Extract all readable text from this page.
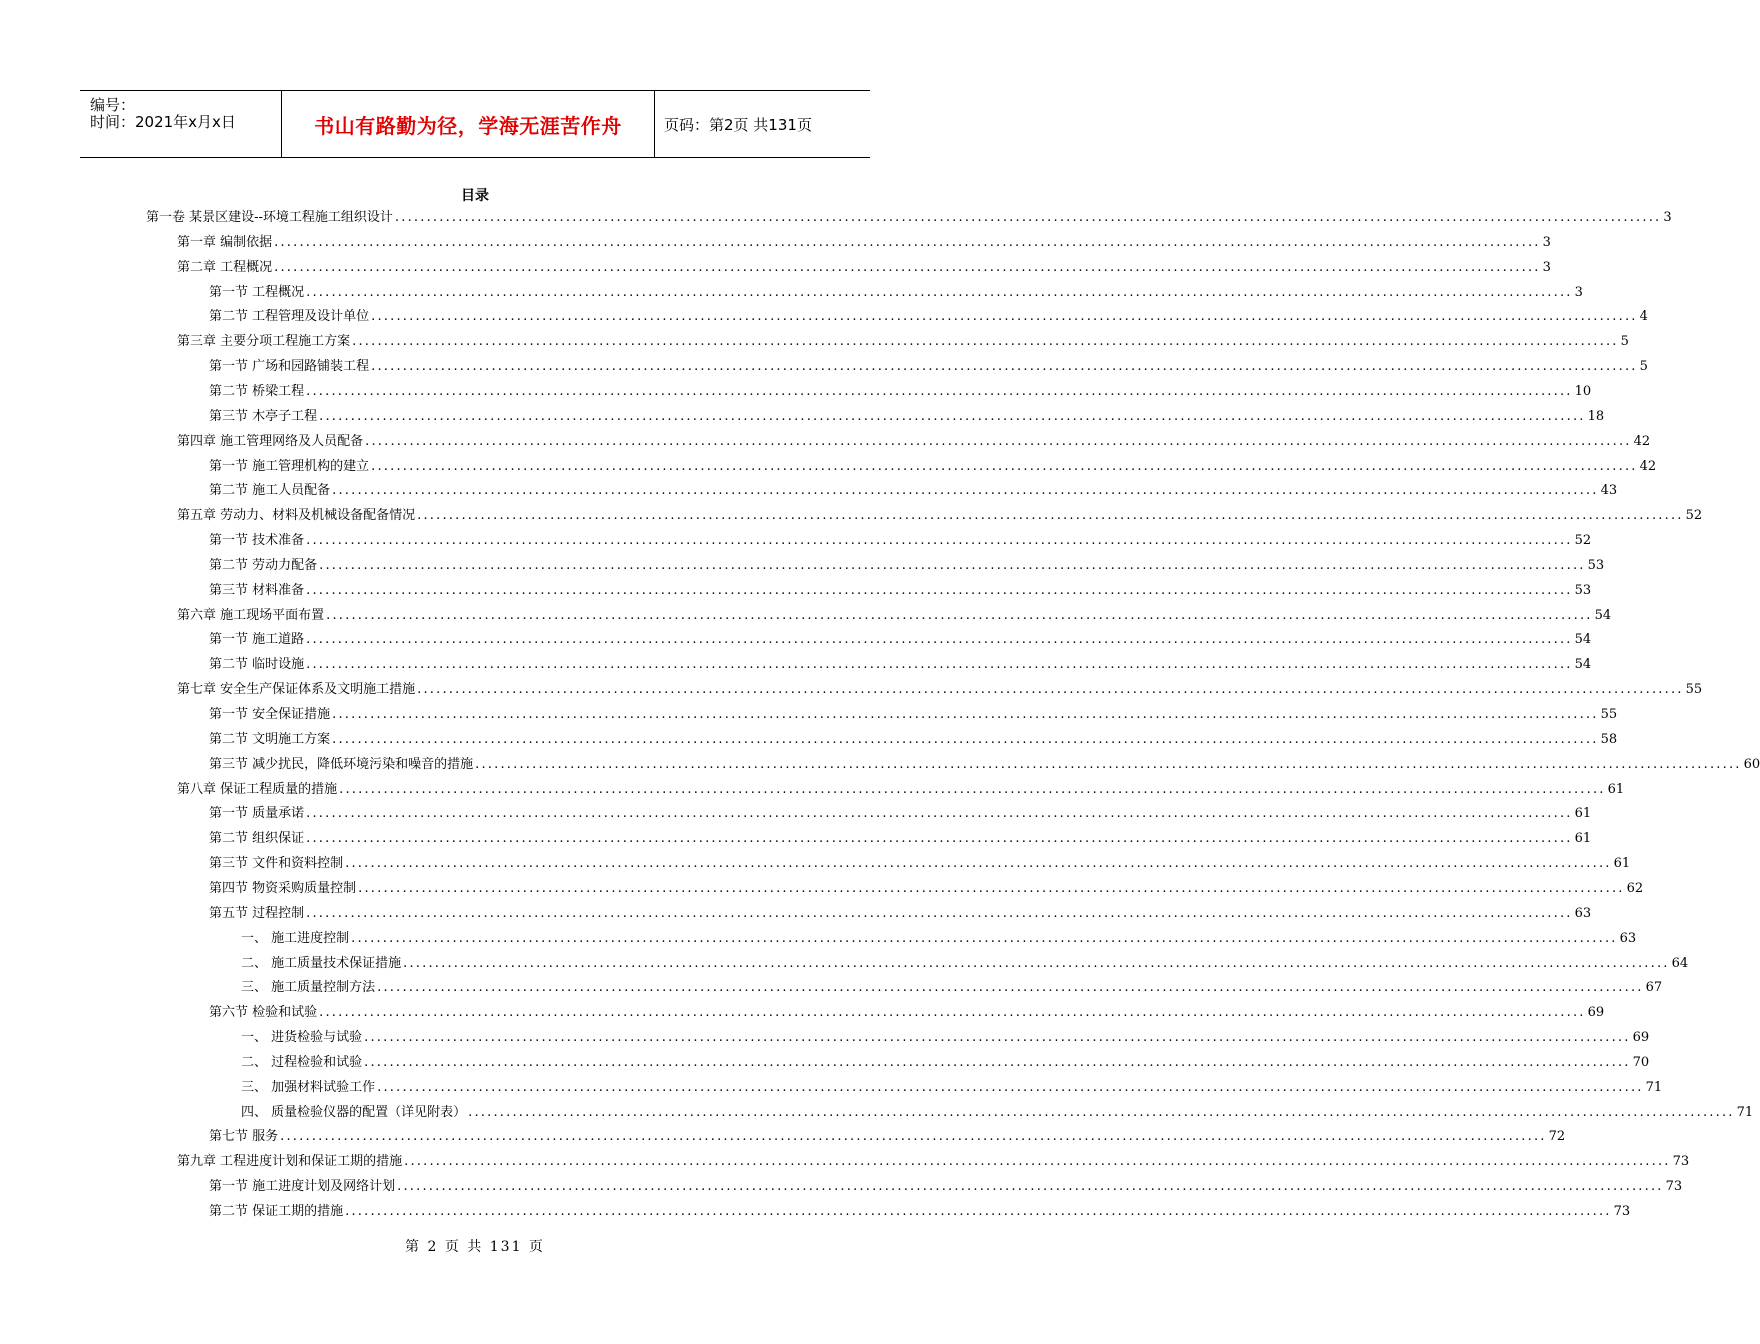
编号：
时间：2021年x月x日	书山有路勤为径，学海无涯苦作舟	页码：第2页 共131页
目录
第一卷 某景区建设--环境工程施工组织设计 ........................................................................................................................................................................................................ 3
第一章 编制依据 ........................................................................................................................................................................................................ 3
第二章 工程概况 ........................................................................................................................................................................................................ 3
第一节 工程概况 ........................................................................................................................................................................................................ 3
第二节 工程管理及设计单位 ........................................................................................................................................................................................................ 4
第三章 主要分项工程施工方案 ........................................................................................................................................................................................................ 5
第一节 广场和园路铺装工程 ........................................................................................................................................................................................................ 5
第二节 桥梁工程 ........................................................................................................................................................................................................ 10
第三节 木亭子工程 ........................................................................................................................................................................................................ 18
第四章 施工管理网络及人员配备 ........................................................................................................................................................................................................ 42
第一节 施工管理机构的建立 ........................................................................................................................................................................................................ 42
第二节 施工人员配备 ........................................................................................................................................................................................................ 43
第五章 劳动力、材料及机械设备配备情况 ........................................................................................................................................................................................................ 52
第一节 技术准备 ........................................................................................................................................................................................................ 52
第二节 劳动力配备 ........................................................................................................................................................................................................ 53
第三节 材料准备 ........................................................................................................................................................................................................ 53
第六章 施工现场平面布置 ........................................................................................................................................................................................................ 54
第一节 施工道路 ........................................................................................................................................................................................................ 54
第二节 临时设施 ........................................................................................................................................................................................................ 54
第七章 安全生产保证体系及文明施工措施 ........................................................................................................................................................................................................ 55
第一节 安全保证措施 ........................................................................................................................................................................................................ 55
第二节 文明施工方案 ........................................................................................................................................................................................................ 58
第三节 减少扰民，降低环境污染和噪音的措施 ........................................................................................................................................................................................................ 60
第八章 保证工程质量的措施 ........................................................................................................................................................................................................ 61
第一节 质量承诺 ........................................................................................................................................................................................................ 61
第二节 组织保证 ........................................................................................................................................................................................................ 61
第三节 文件和资料控制 ........................................................................................................................................................................................................ 61
第四节 物资采购质量控制 ........................................................................................................................................................................................................ 62
第五节 过程控制 ........................................................................................................................................................................................................ 63
一、 施工进度控制 ........................................................................................................................................................................................................ 63
二、 施工质量技术保证措施 ........................................................................................................................................................................................................ 64
三、 施工质量控制方法 ........................................................................................................................................................................................................ 67
第六节 检验和试验 ........................................................................................................................................................................................................ 69
一、 进货检验与试验 ........................................................................................................................................................................................................ 69
二、 过程检验和试验 ........................................................................................................................................................................................................ 70
三、 加强材料试验工作 ........................................................................................................................................................................................................ 71
四、 质量检验仪器的配置（详见附表） ........................................................................................................................................................................................................ 71
第七节 服务 ........................................................................................................................................................................................................ 72
第九章 工程进度计划和保证工期的措施 ........................................................................................................................................................................................................ 73
第一节 施工进度计划及网络计划 ........................................................................................................................................................................................................ 73
第二节 保证工期的措施 ........................................................................................................................................................................................................ 73
第 2 页 共 131 页
